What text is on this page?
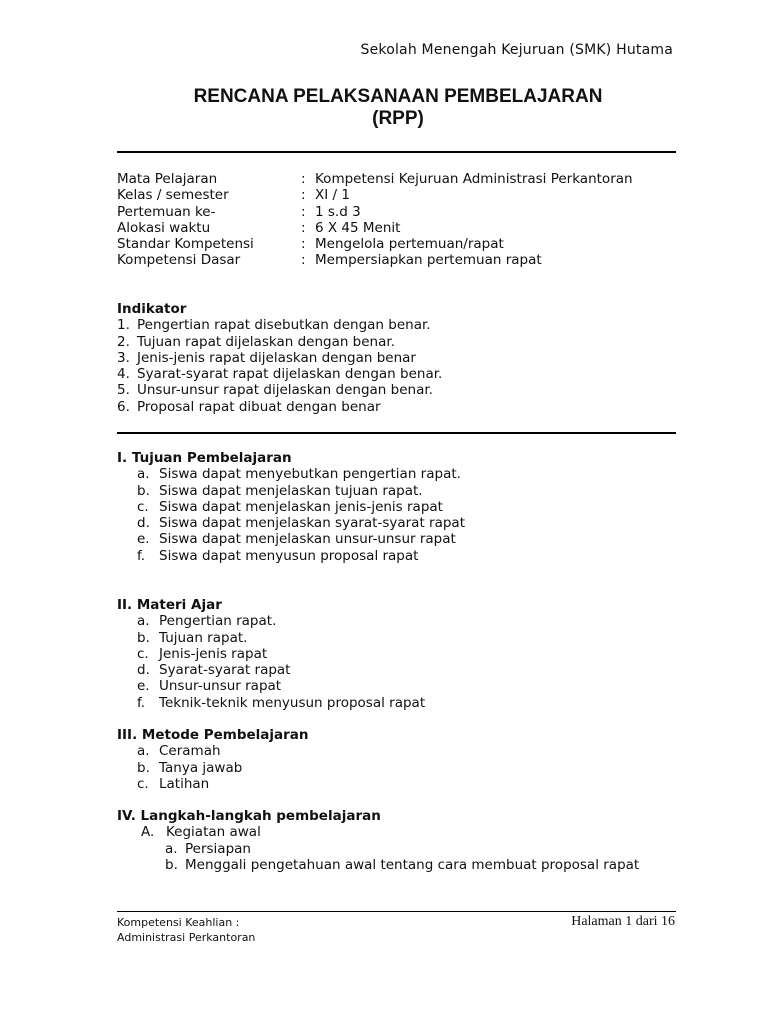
Sekolah Menengah Kejuruan (SMK) Hutama
RENCANA PELAKSANAAN PEMBELAJARAN
(RPP)
Mata Pelajaran	: Kompetensi Kejuruan Administrasi Perkantoran
Kelas / semester	: XI / 1
Pertemuan ke-	: 1 s.d 3
Alokasi waktu	: 6 X 45 Menit
Standar Kompetensi	: Mengelola pertemuan/rapat
Kompetensi Dasar	: Mempersiapkan pertemuan rapat
Indikator
1. Pengertian rapat disebutkan dengan benar.
2. Tujuan rapat dijelaskan dengan benar.
3. Jenis-jenis rapat dijelaskan dengan benar
4. Syarat-syarat rapat dijelaskan dengan benar.
5. Unsur-unsur rapat dijelaskan dengan benar.
6. Proposal rapat dibuat dengan benar
I. Tujuan Pembelajaran
a. Siswa dapat menyebutkan pengertian rapat.
b. Siswa dapat menjelaskan tujuan rapat.
c. Siswa dapat menjelaskan jenis-jenis rapat
d. Siswa dapat menjelaskan syarat-syarat rapat
e. Siswa dapat menjelaskan unsur-unsur rapat
f. Siswa dapat menyusun proposal rapat
II. Materi Ajar
a. Pengertian rapat.
b. Tujuan rapat.
c. Jenis-jenis rapat
d. Syarat-syarat rapat
e. Unsur-unsur rapat
f. Teknik-teknik menyusun proposal rapat
III. Metode Pembelajaran
a. Ceramah
b. Tanya jawab
c. Latihan
IV. Langkah-langkah pembelajaran
A. Kegiatan awal
a. Persiapan
b. Menggali pengetahuan awal tentang cara membuat proposal rapat
Kompetensi Keahlian :
Administrasi Perkantoran
Halaman 1 dari 16
